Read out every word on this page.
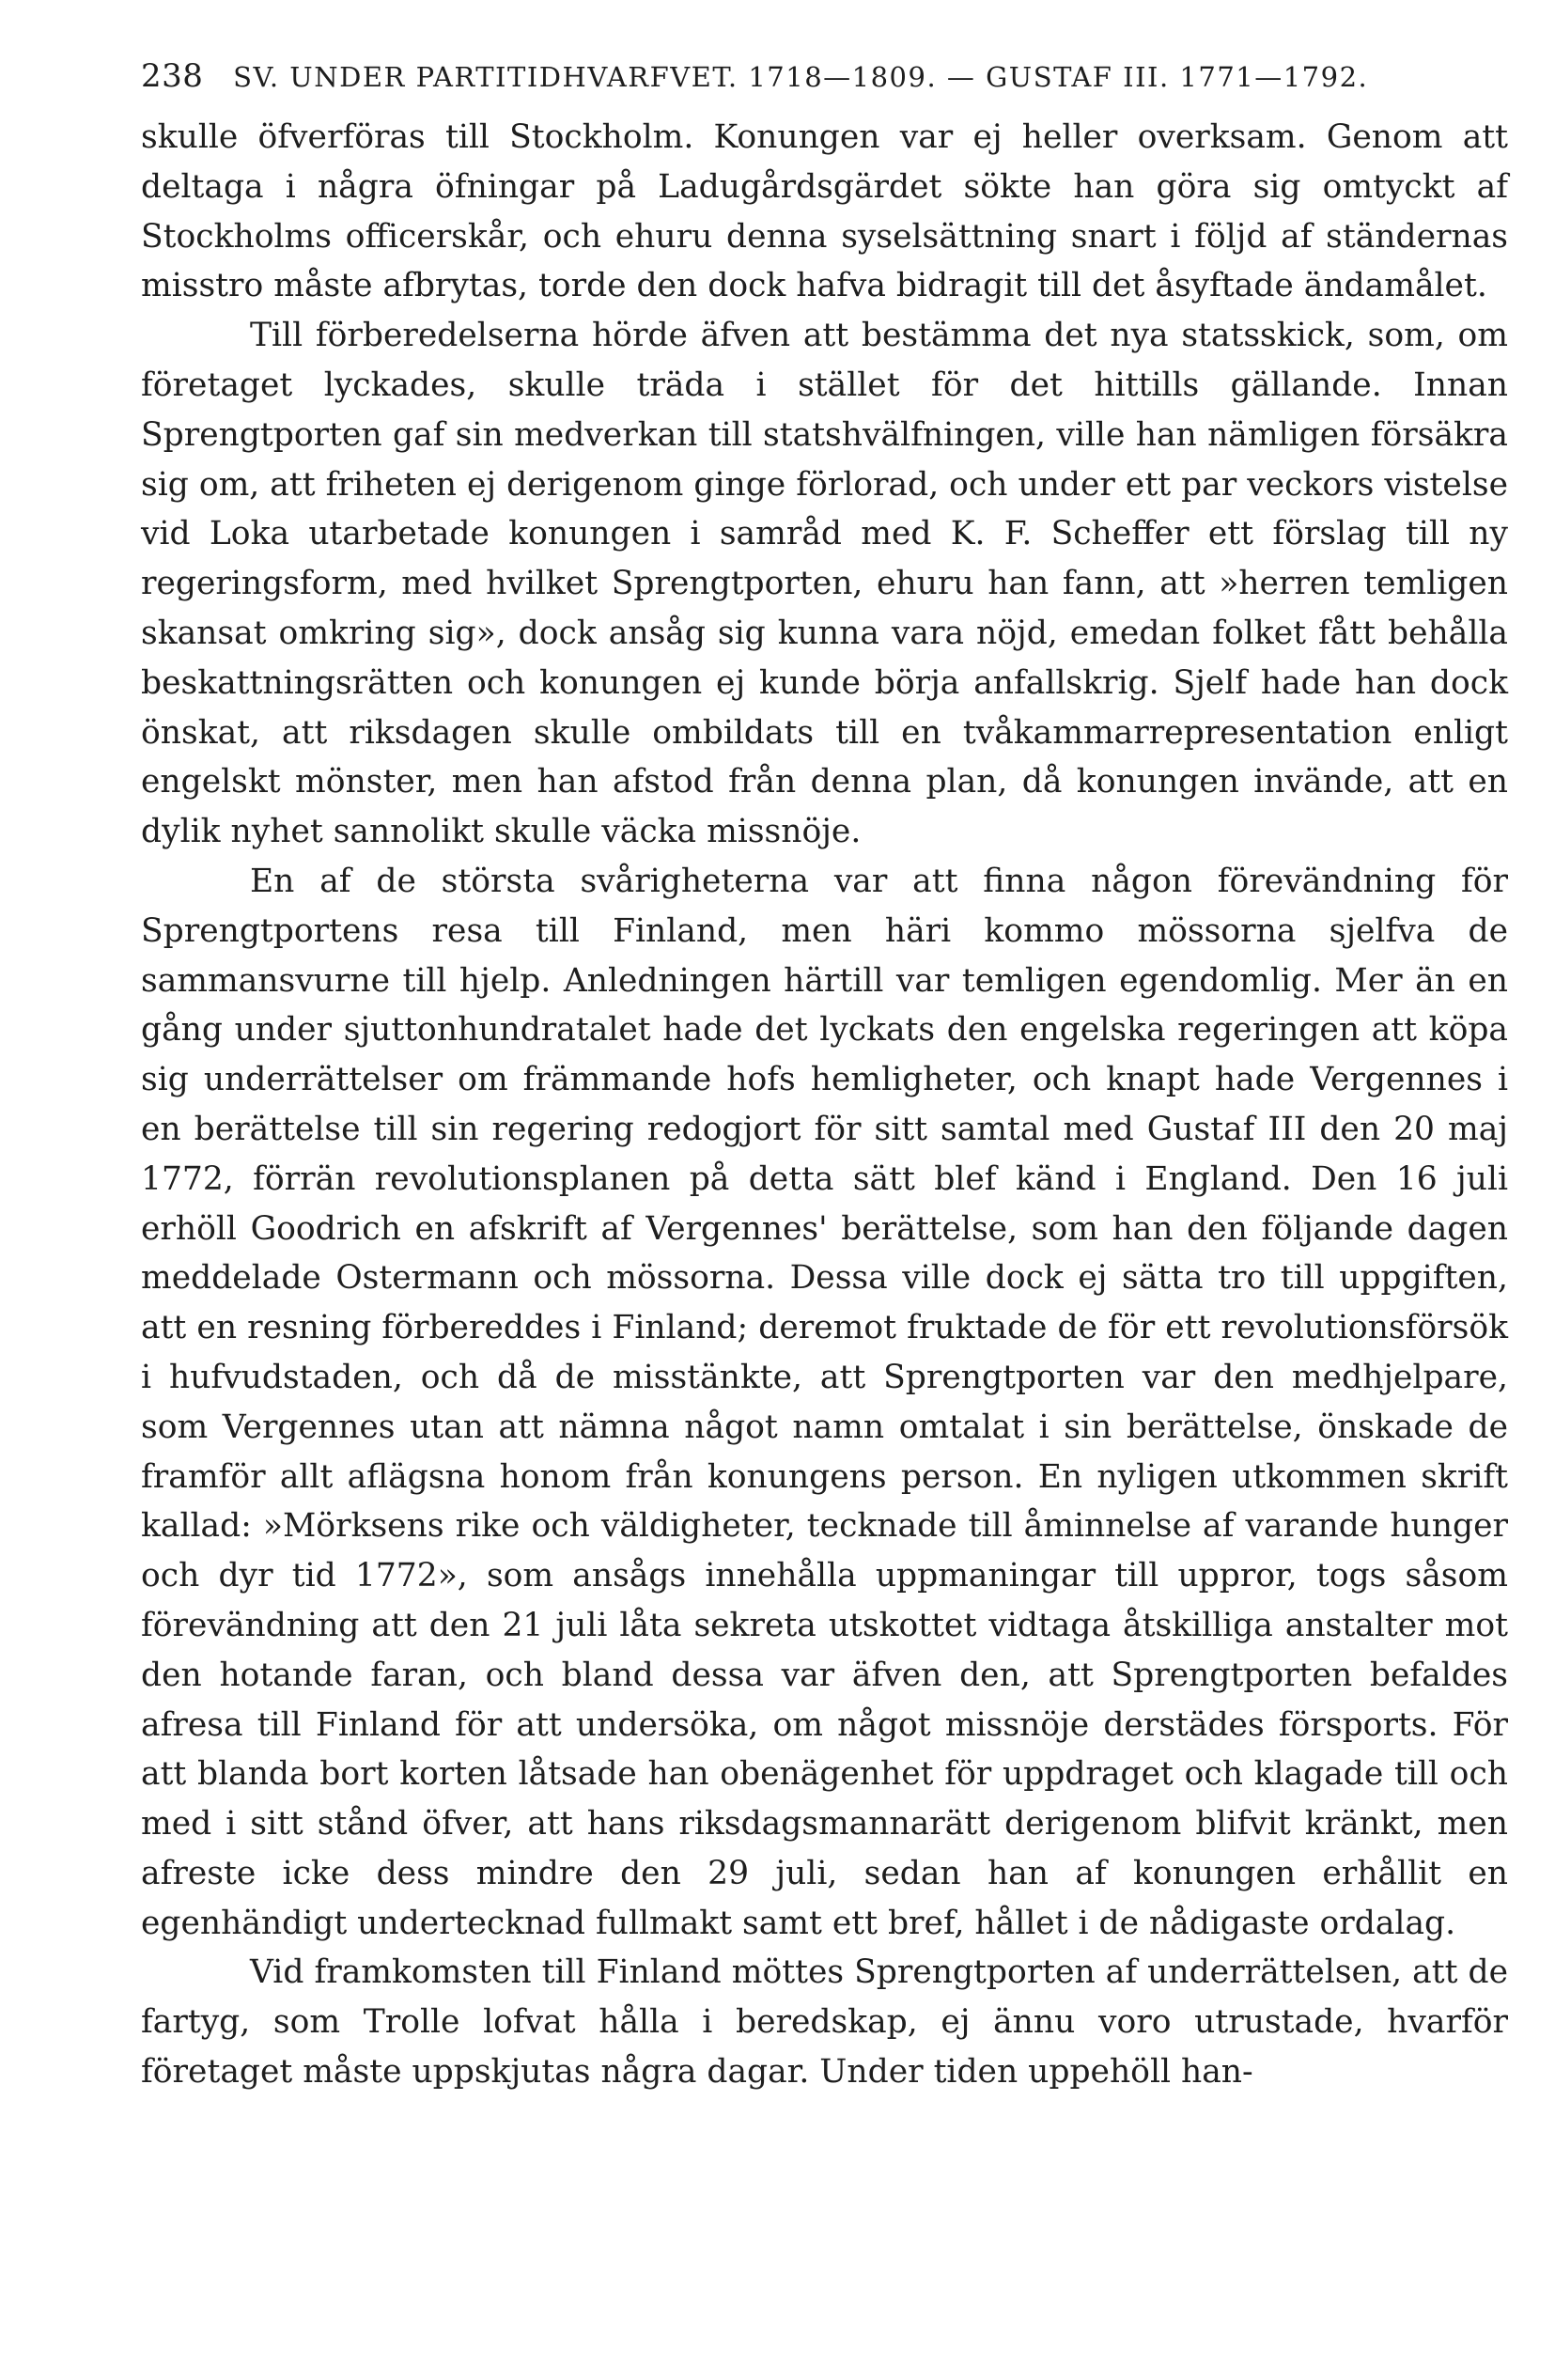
238 SV. UNDER PARTITIDHVARFVET. 1718—1809. — GUSTAF III. 1771—1792.

skulle öfverföras till Stockholm. Konungen var ej heller overksam. Genom att deltaga i några öfningar på Ladugårdsgärdet sökte han göra sig omtyckt af Stockholms officerskår, och ehuru denna syselsättning snart i följd af ständernas misstro måste afbrytas, torde den dock hafva bidragit till det åsyftade ändamålet.

Till förberedelserna hörde äfven att bestämma det nya statsskick, som, om företaget lyckades, skulle träda i stället för det hittills gällande. Innan Sprengtporten gaf sin medverkan till statshvälfningen, ville han nämligen försäkra sig om, att friheten ej derigenom ginge förlorad, och under ett par veckors vistelse vid Loka utarbetade konungen i samråd med K. F. Scheffer ett förslag till ny regeringsform, med hvilket Sprengtporten, ehuru han fann, att »herren temligen skansat omkring sig», dock ansåg sig kunna vara nöjd, emedan folket fått behålla beskattningsrätten och konungen ej kunde börja anfallskrig. Sjelf hade han dock önskat, att riksdagen skulle ombildats till en tvåkammarrepresentation enligt engelskt mönster, men han afstod från denna plan, då konungen invände, att en dylik nyhet sannolikt skulle väcka missnöje.

En af de största svårigheterna var att finna någon förevändning för Sprengtportens resa till Finland, men häri kommo mössorna sjelfva de sammansvurne till hjelp. Anledningen härtill var temligen egendomlig. Mer än en gång under sjuttonhundratalet hade det lyckats den engelska regeringen att köpa sig underrättelser om främmande hofs hemligheter, och knapt hade Vergennes i en berättelse till sin regering redogjort för sitt samtal med Gustaf III den 20 maj 1772, förrän revolutionsplanen på detta sätt blef känd i England. Den 16 juli erhöll Goodrich en afskrift af Vergennes' berättelse, som han den följande dagen meddelade Ostermann och mössorna. Dessa ville dock ej sätta tro till uppgiften, att en resning förbereddes i Finland; deremot fruktade de för ett revolutionsförsök i hufvudstaden, och då de misstänkte, att Sprengtporten var den medhjelpare, som Vergennes utan att nämna något namn omtalat i sin berättelse, önskade de framför allt aflägsna honom från konungens person. En nyligen utkommen skrift kallad: »Mörksens rike och väldigheter, tecknade till åminnelse af varande hunger och dyr tid 1772», som ansågs innehålla uppmaningar till uppror, togs såsom förevändning att den 21 juli låta sekreta utskottet vidtaga åtskilliga anstalter mot den hotande faran, och bland dessa var äfven den, att Sprengtporten befaldes afresa till Finland för att undersöka, om något missnöje derstädes försports. För att blanda bort korten låtsade han obenägenhet för uppdraget och klagade till och med i sitt stånd öfver, att hans riksdagsmannarätt derigenom blifvit kränkt, men afreste icke dess mindre den 29 juli, sedan han af konungen erhållit en egenhändigt undertecknad fullmakt samt ett bref, hållet i de nådigaste ordalag.

Vid framkomsten till Finland möttes Sprengtporten af underrättelsen, att de fartyg, som Trolle lofvat hålla i beredskap, ej ännu voro utrustade, hvarför företaget måste uppskjutas några dagar. Under tiden uppehöll han-
